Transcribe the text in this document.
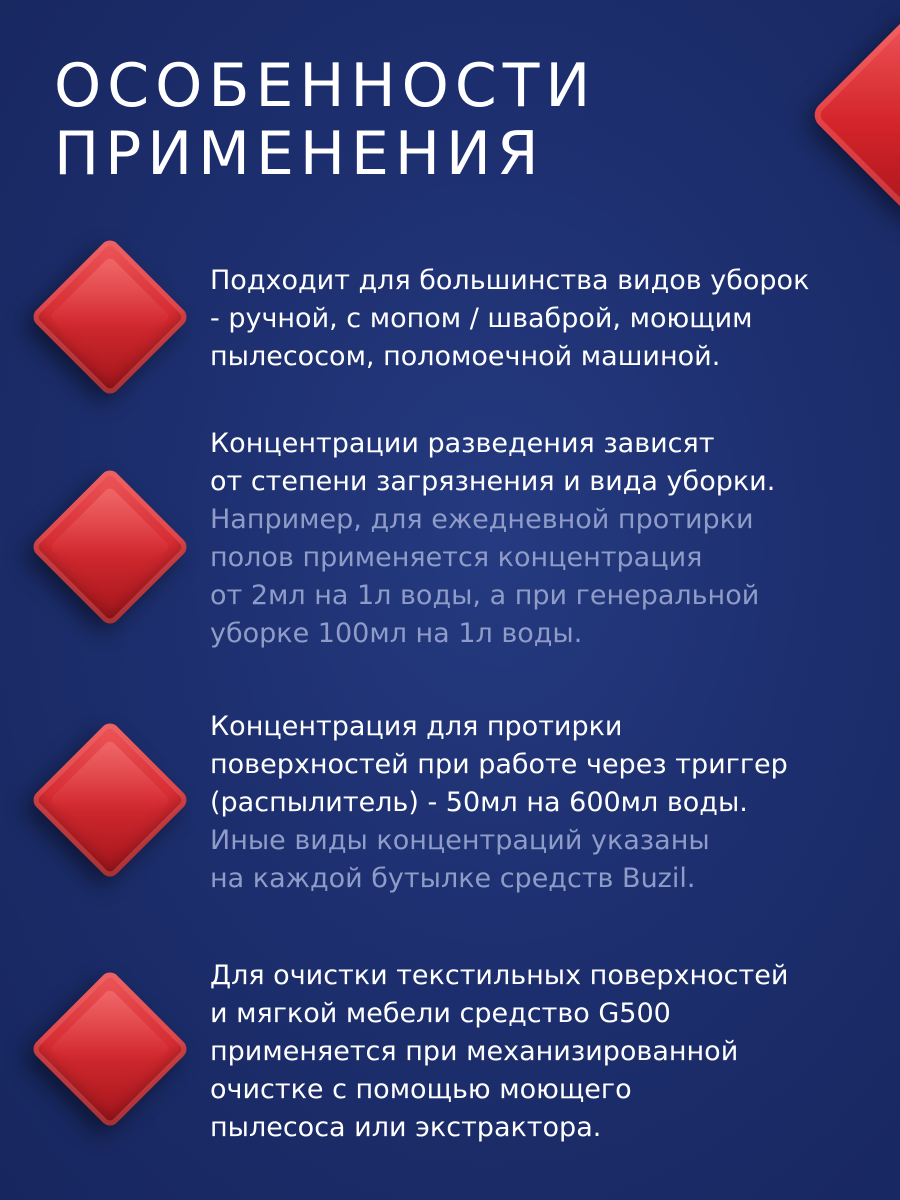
ОСОБЕННОСТИ
ПРИМЕНЕНИЯ

Подходит для большинства видов уборок
- ручной, с мопом / шваброй, моющим
пылесосом, поломоечной машиной.

Концентрации разведения зависят
от степени загрязнения и вида уборки.

Например, для ежедневной протирки
полов применяется концентрация
от 2мл на 1л воды, а при генеральной
уборке 100мл на 1л воды.

Концентрация для протирки
поверхностей при работе через триггер
(распылитель) - 50мл на 600мл воды.

Иные виды концентраций указаны
на каждой бутылке средств Buzil.

Для очистки текстильных поверхностей
и мягкой мебели средство G500
применяется при механизированной
очистке с помощью моющего
пылесоса или экстрактора.
